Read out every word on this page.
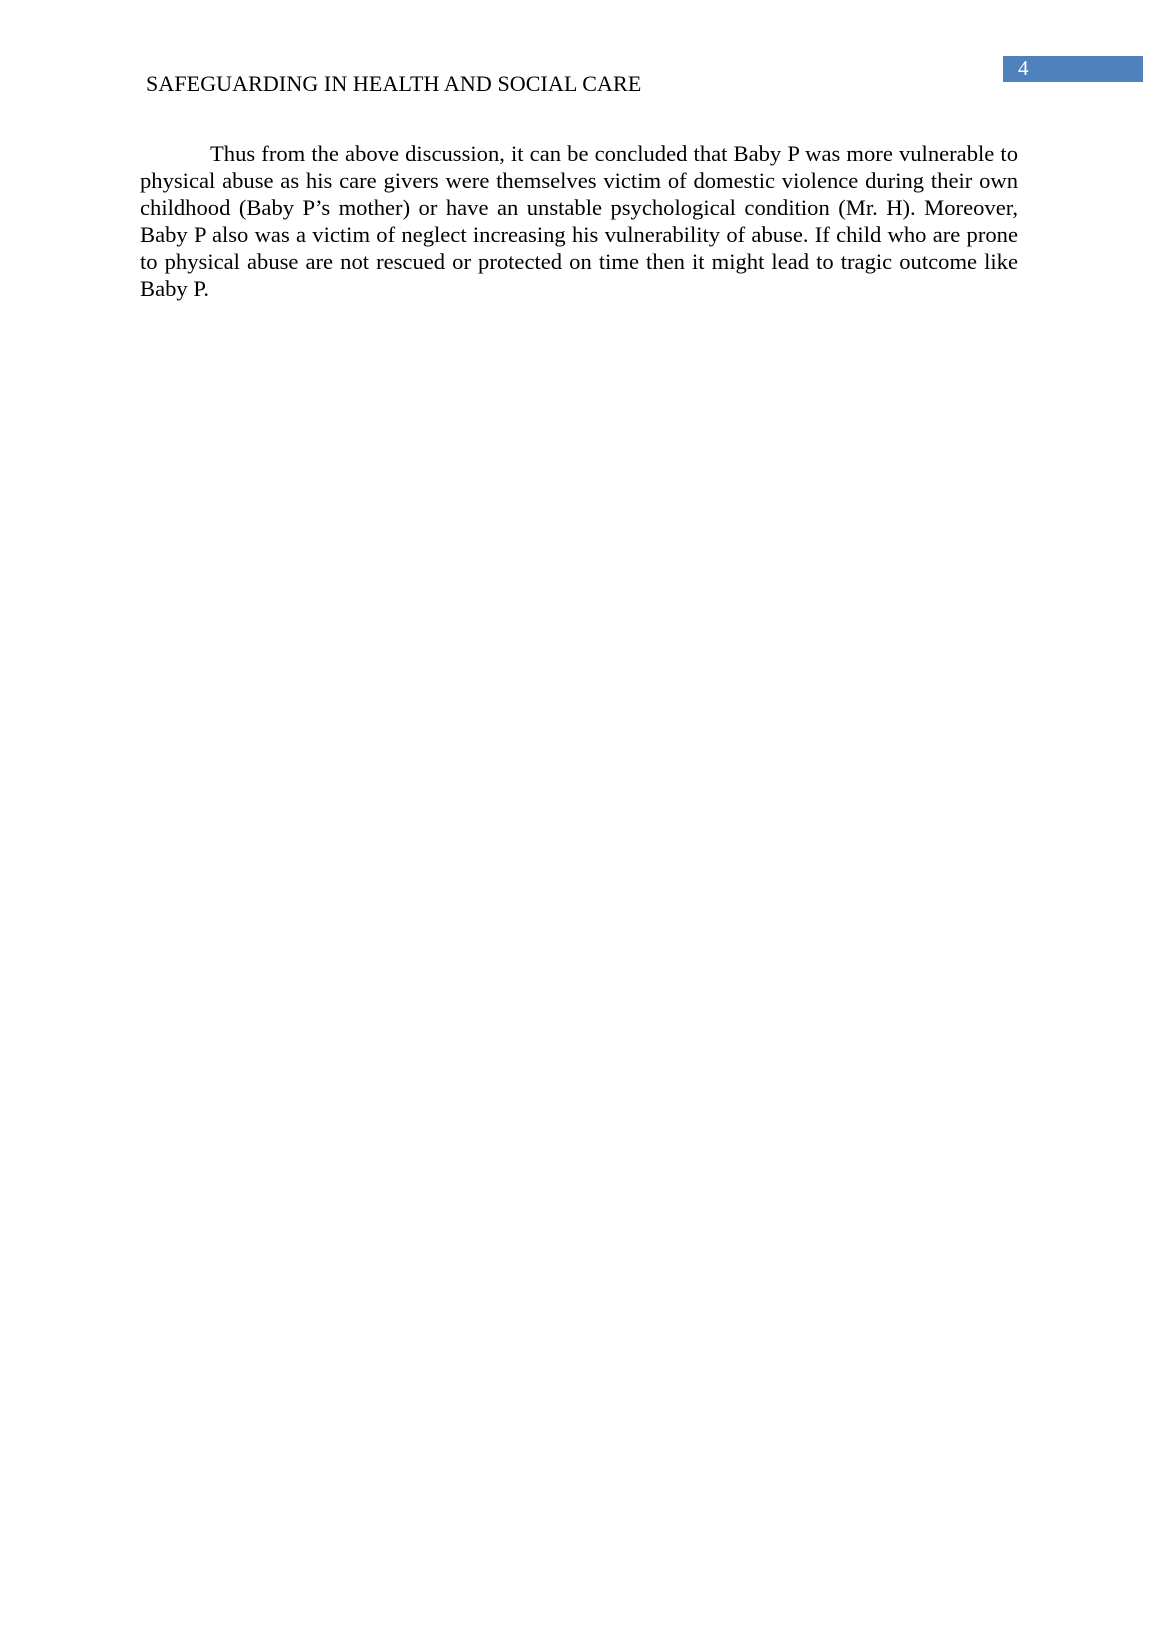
SAFEGUARDING IN HEALTH AND SOCIAL CARE
4

Thus from the above discussion, it can be concluded that Baby P was more vulnerable to physical abuse as his care givers were themselves victim of domestic violence during their own childhood (Baby P’s mother) or have an unstable psychological condition (Mr. H). Moreover, Baby P also was a victim of neglect increasing his vulnerability of abuse. If child who are prone to physical abuse are not rescued or protected on time then it might lead to tragic outcome like Baby P.
